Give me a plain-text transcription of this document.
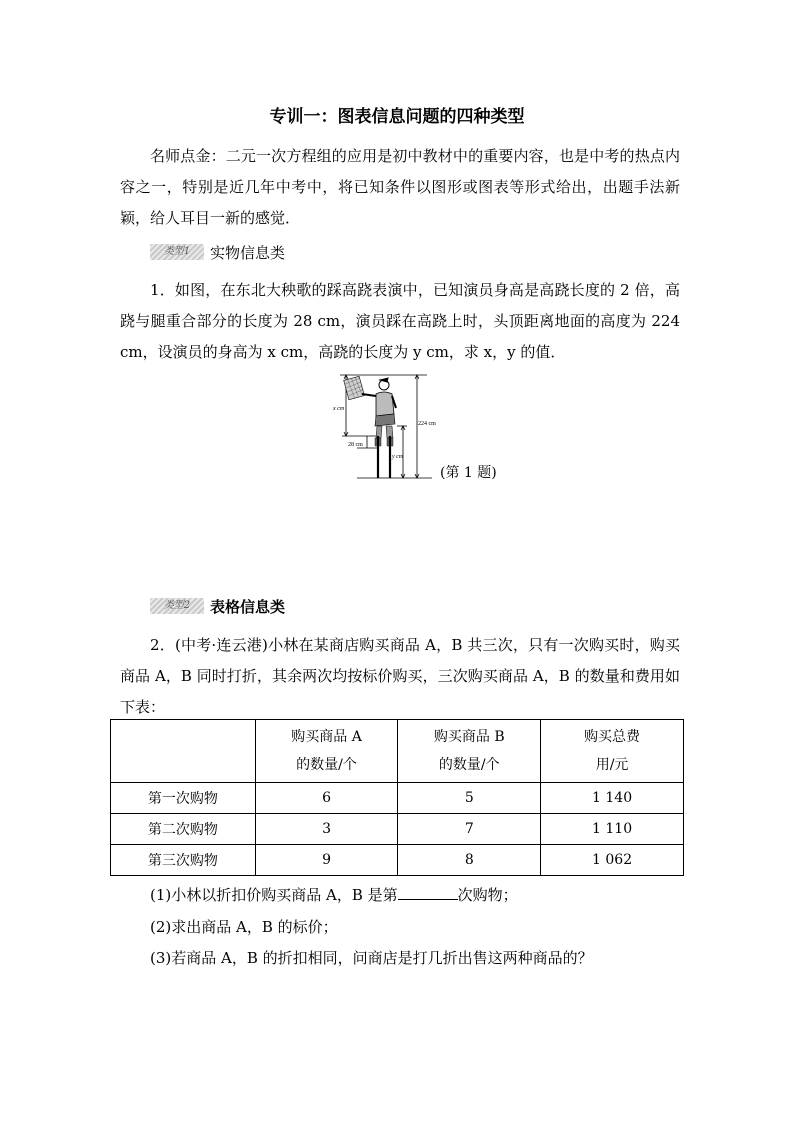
专训一：图表信息问题的四种类型
名师点金：二元一次方程组的应用是初中教材中的重要内容，也是中考的热点内容之一，特别是近几年中考中，将已知条件以图形或图表等形式给出，出题手法新颖，给人耳目一新的感觉．
类型1	实物信息类
1．如图，在东北大秧歌的踩高跷表演中，已知演员身高是高跷长度的 2 倍，高跷与腿重合部分的长度为 28 cm，演员踩在高跷上时，头顶距离地面的高度为 224 cm，设演员的身高为 x cm，高跷的长度为 y cm，求 x，y 的值．
x cm
224 cm
28 cm
y cm
(第 1 题)
类型2	表格信息类
2．(中考·连云港)小林在某商店购买商品 A，B 共三次，只有一次购买时，购买商品 A，B 同时打折，其余两次均按标价购买，三次购买商品 A，B 的数量和费用如下表：
	购买商品 A
的数量/个	购买商品 B
的数量/个	购买总费
用/元
第一次购物	6	5	1 140
第二次购物	3	7	1 110
第三次购物	9	8	1 062
(1)小林以折扣价购买商品 A，B 是第	次购物；
(2)求出商品 A，B 的标价；
(3)若商品 A，B 的折扣相同，问商店是打几折出售这两种商品的？
